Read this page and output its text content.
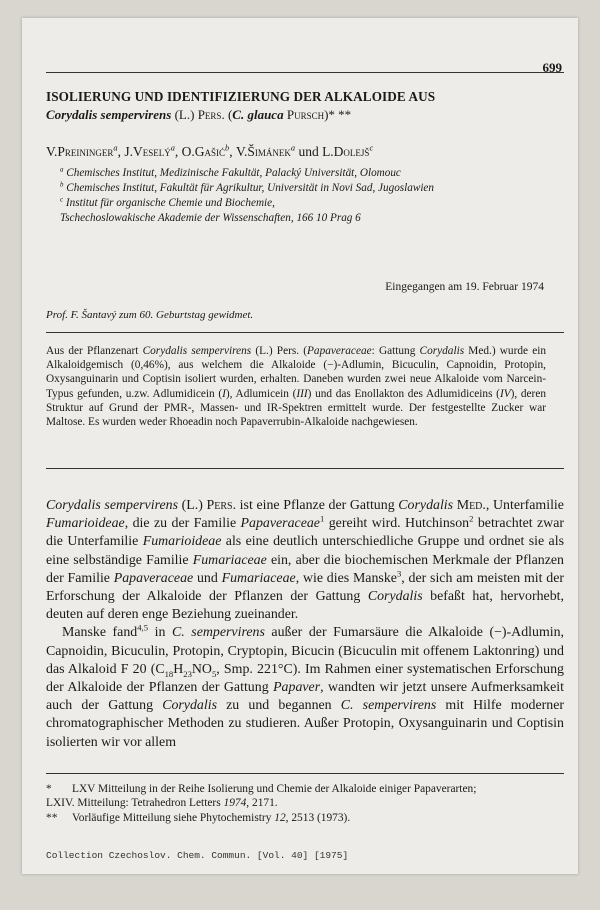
699
ISOLIERUNG UND IDENTIFIZIERUNG DER ALKALOIDE AUS
Corydalis sempervirens (L.) Pers. (C. glauca Pursch)* **
V.Preininger$^a$, J.Veselý$^a$, O.Gašić$^b$, V.Šimánek$^a$ und L.Dolejš$^c$
$^a$ Chemisches Institut, Medizinische Fakultät, Palacký Universität, Olomouc
$^b$ Chemisches Institut, Fakultät für Agrikultur, Universität in Novi Sad, Jugoslawien
$^c$ Institut für organische Chemie und Biochemie,
Tschechoslowakische Akademie der Wissenschaften, 166 10 Prag 6
Eingegangen am 19. Februar 1974
Prof. F. Šantavý zum 60. Geburtstag gewidmet.
Aus der Pflanzenart Corydalis sempervirens (L.) Pers. (Papaveraceae: Gattung Corydalis Med.) wurde ein Alkaloidgemisch (0,46%), aus welchem die Alkaloide (−)-Adlumin, Bicuculin, Capnoidin, Protopin, Oxysanguinarin und Coptisin isoliert wurden, erhalten. Daneben wurden zwei neue Alkaloide vom Narcein-Typus gefunden, u.zw. Adlumidicein (I), Adlumicein (III) und das Enollakton des Adlumidiceins (IV), deren Struktur auf Grund der PMR-, Massen- und IR-Spektren ermittelt wurde. Der festgestellte Zucker war Maltose. Es wurden weder Rhoeadin noch Papaverrubin-Alkaloide nachgewiesen.

Corydalis sempervirens (L.) Pers. ist eine Pflanze der Gattung Corydalis Med., Unterfamilie Fumarioideae, die zu der Familie Papaveraceae$^1$ gereiht wird. Hutchinson$^2$ betrachtet zwar die Unterfamilie Fumarioideae als eine deutlich unterschiedliche Gruppe und ordnet sie als eine selbständige Familie Fumariaceae ein, aber die biochemischen Merkmale der Pflanzen der Familie Papaveraceae und Fumariaceae, wie dies Manske$^3$, der sich am meisten mit der Erforschung der Alkaloide der Pflanzen der Gattung Corydalis befaßt hat, hervorhebt, deuten auf deren enge Beziehung zueinander.

Manske fand$^{4,5}$ in C. sempervirens außer der Fumarsäure die Alkaloide (−)-Adlumin, Capnoidin, Bicuculin, Protopin, Cryptopin, Bicucin (Bicuculin mit offenem Laktonring) und das Alkaloid F 20 ($C_{18}H_{23}NO_5$, Smp. 221°C). Im Rahmen einer systematischen Erforschung der Alkaloide der Pflanzen der Gattung Papaver, wandten wir jetzt unsere Aufmerksamkeit auch der Gattung Corydalis zu und begannen C. sempervirens mit Hilfe moderner chromatographischer Methoden zu studieren. Außer Protopin, Oxysanguinarin und Coptisin isolierten wir vor allem

* LXV Mitteilung in der Reihe Isolierung und Chemie der Alkaloide einiger Papaverarten;
LXIV. Mitteilung: Tetrahedron Letters 1974, 2171.
** Vorläufige Mitteilung siehe Phytochemistry 12, 2513 (1973).
Collection Czechoslov. Chem. Commun. [Vol. 40] [1975]
